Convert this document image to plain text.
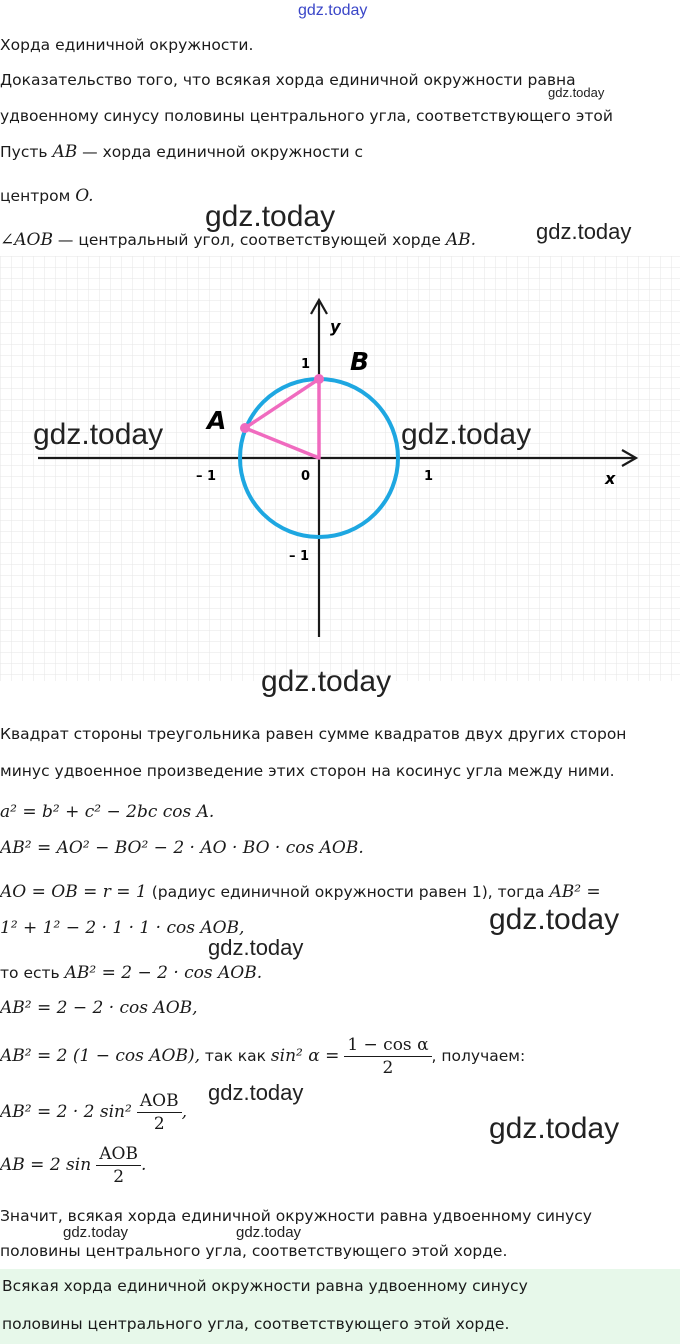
gdz.today
Хорда единичной окружности.
Доказательство того, что всякая хорда единичной окружности равна
gdz.today
удвоенному синусу половины центрального угла, соответствующего этой
Пусть AB — хорда единичной окружности с
центром O.
gdz.today
∠AOB — центральный угол, соответствующей хорде AB.	gdz.today
x
y
B
A
– 1	1
0
1
– 1
gdz.today	gdz.today
gdz.today
Квадрат стороны треугольника равен сумме квадратов двух других сторон
минус удвоенное произведение этих сторон на косинус угла между ними.
a² = b² + c² − 2bc cos A.
AB² = AO² − BO² − 2 · AO · BO · cos AOB.
AO = OB = r = 1 (радиус единичной окружности равен 1), тогда AB² =
1² + 1² − 2 · 1 · 1 · cos AOB,	gdz.today
gdz.today
то есть AB² = 2 − 2 · cos AOB.
AB² = 2 − 2 · cos AOB,
AB² = 2 (1 − cos AOB), так как sin² $\alpha = \frac{\text{1 − cos α}}{2}$ , получаем:
gdz.today
AB² = 2 · 2 $\sin^2 \frac{\text{AOB}}{2}$ ,	gdz.today
AB = 2 $\sin \frac{\text{AOB}}{2}$ .
Значит, всякая хорда единичной окружности равна удвоенному синусу
gdz.today	gdz.today
половины центрального угла, соответствующего этой хорде.
Всякая хорда единичной окружности равна удвоенному синусу
половины центрального угла, соответствующего этой хорде.
